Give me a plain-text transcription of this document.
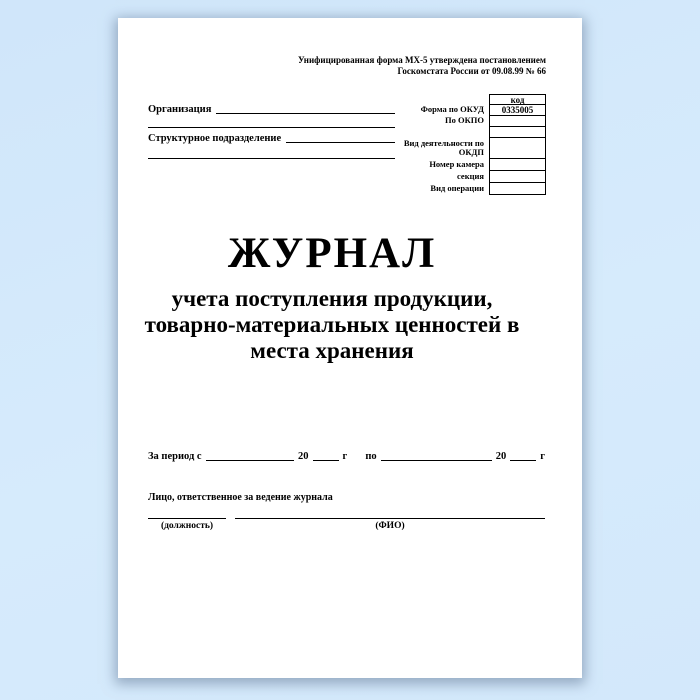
Унифицированная форма МХ-5 утверждена постановлением
Госкомстата России от 09.08.99 № 66
Организация
Структурное подразделение
код
Форма по ОКУД	0335005
По ОКПО
Вид деятельности по ОКДП
Номер камера
секция
Вид операции
ЖУРНАЛ
учета поступления продукции,
товарно-материальных ценностей в
места хранения
За период с	20	г по	20	г
Лицо, ответственное за ведение журнала
(должность)	(ФИО)
